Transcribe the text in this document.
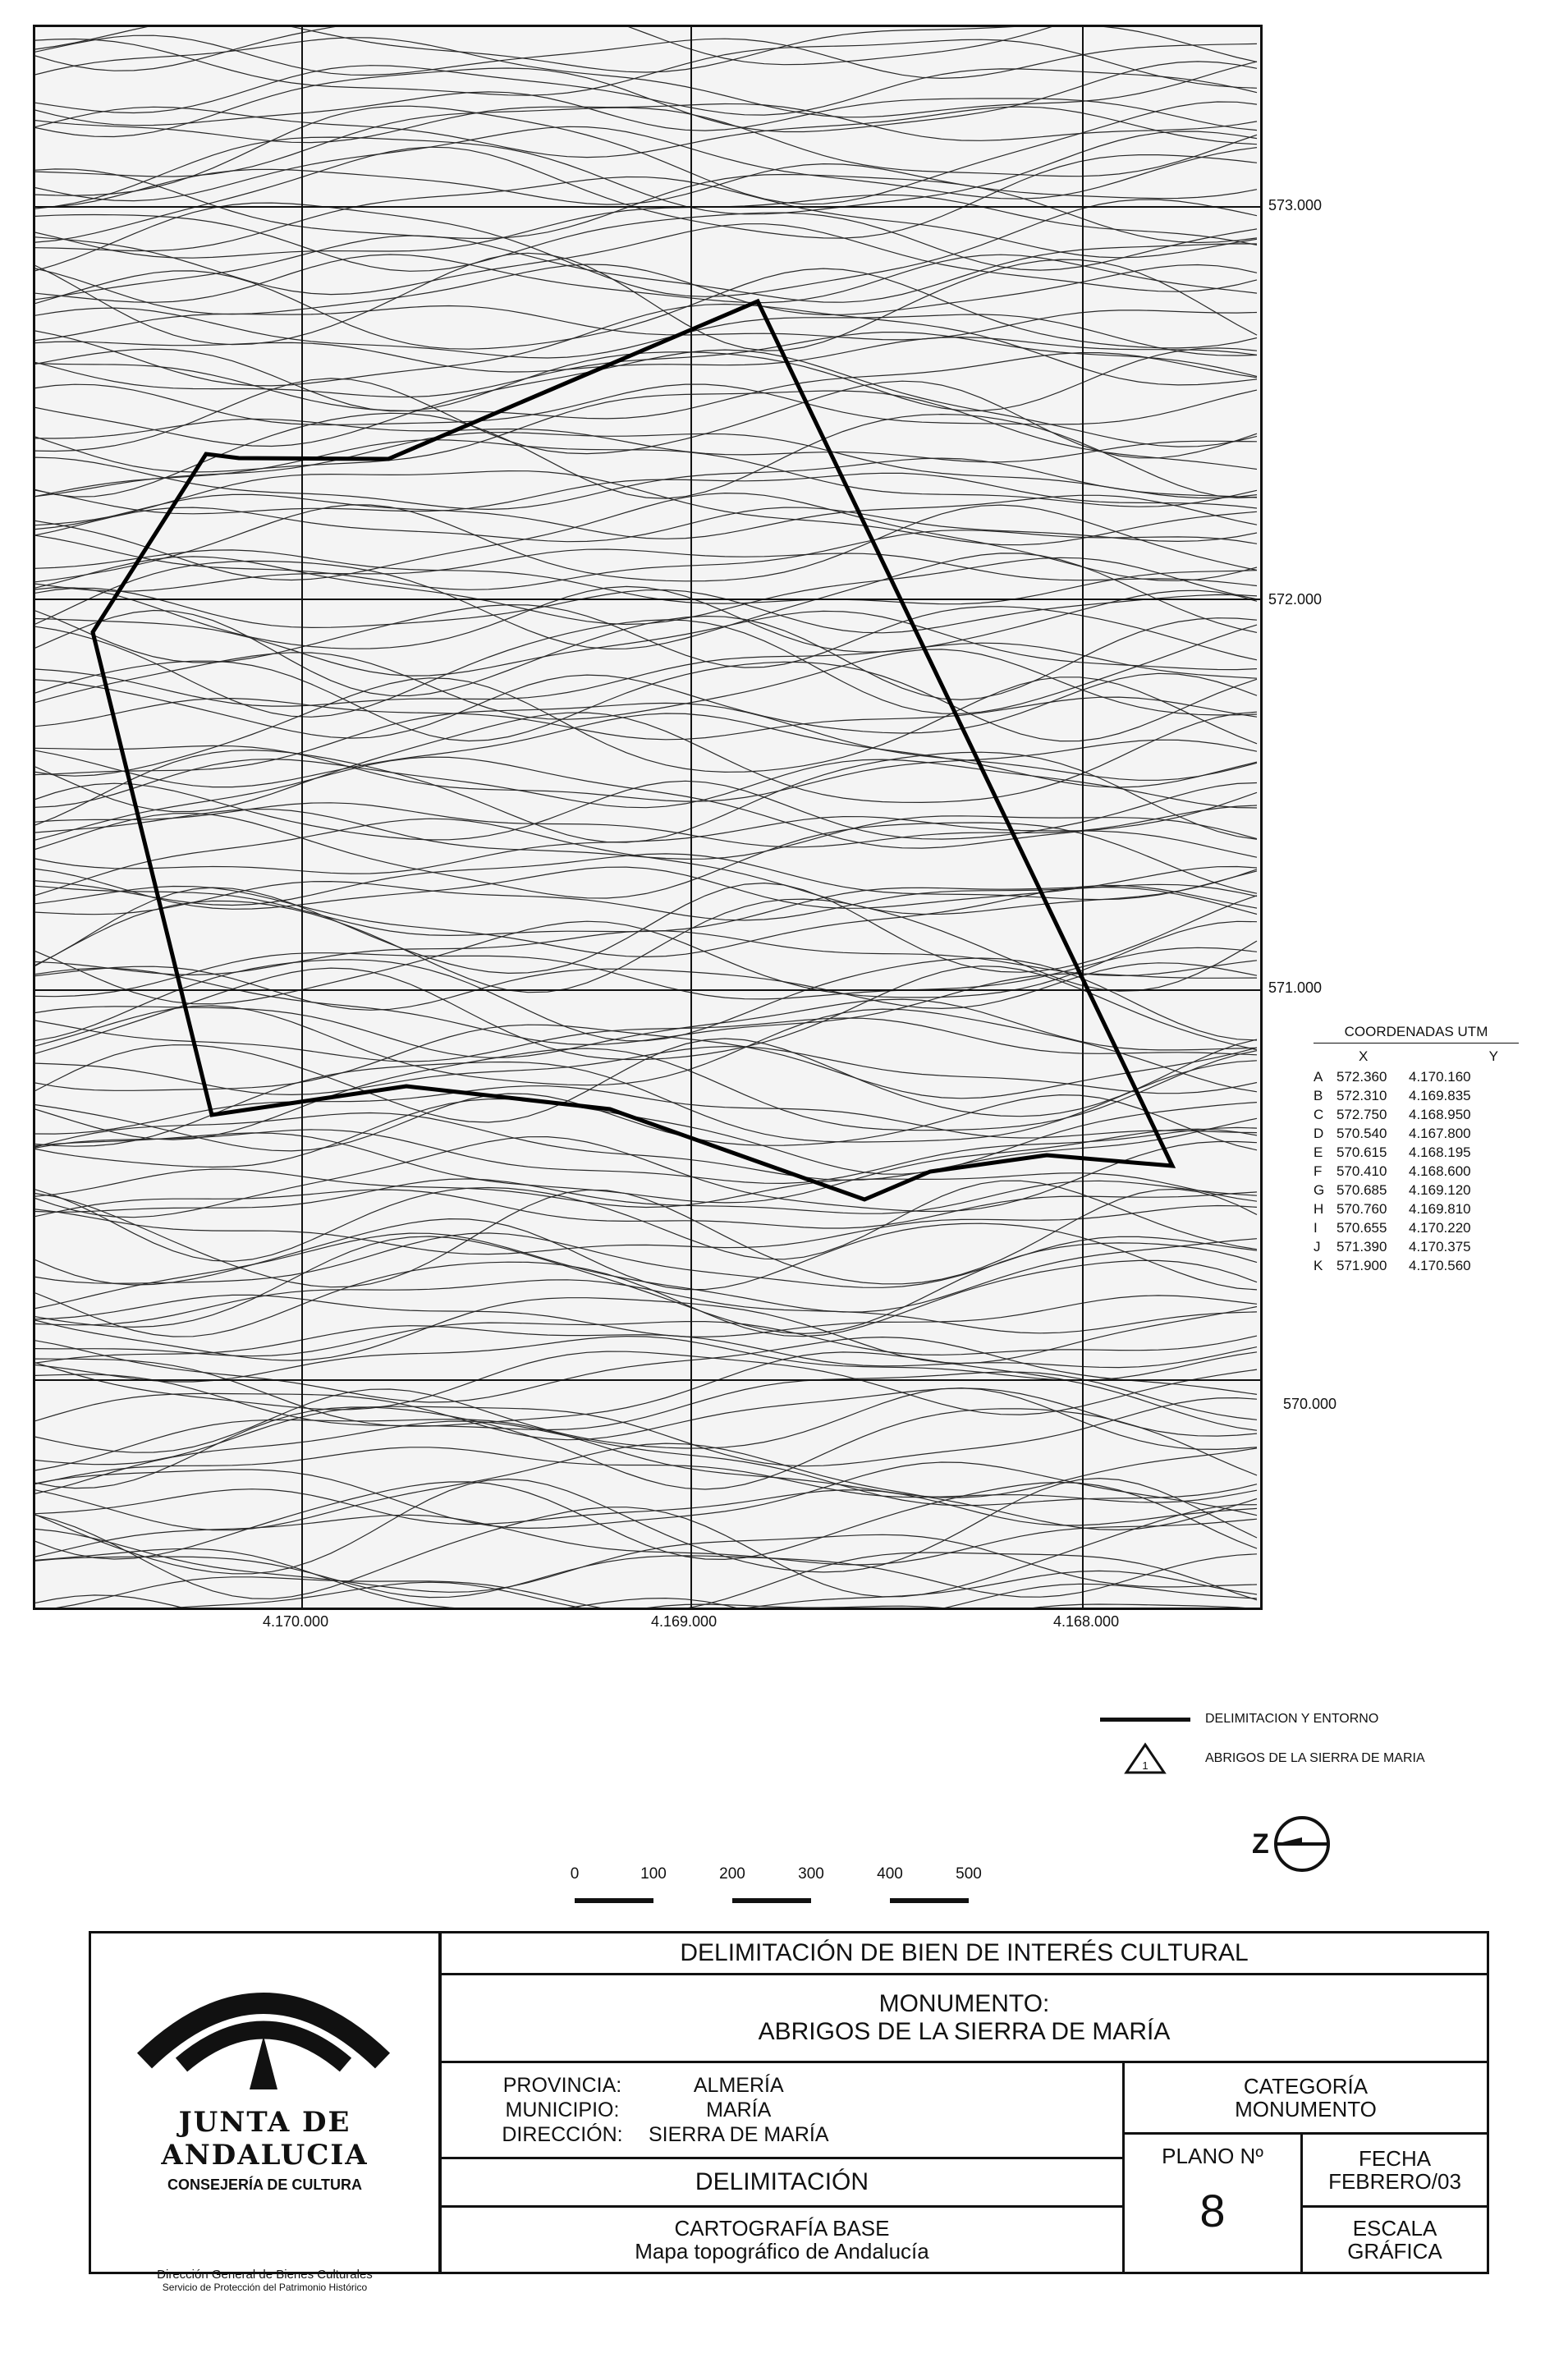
573.000
572.000
571.000
570.000
4.170.000	4.169.000	4.168.000
COORDENADAS UTM
X	Y
A 572.360	4.170.160
B 572.310	4.169.835
C 572.750	4.168.950
D 570.540	4.167.800
E 570.615	4.168.195
F	570.410	4.168.600
G 570.685	4.169.120
H 570.760	4.169.810
I	570.655	4.170.220
J	571.390	4.170.375
K 571.900	4.170.560
DELIMITACION Y ENTORNO
1
ABRIGOS DE LA SIERRA DE MARIA
Z
0	100	200	300	400	500
JUNTA DE ANDALUCIA
CONSEJERÍA DE CULTURA
Dirección General de Bienes Culturales
Servicio de Protección del Patrimonio Histórico
DELIMITACIÓN DE BIEN DE INTERÉS CULTURAL
MONUMENTO:
ABRIGOS DE LA SIERRA DE MARÍA
PROVINCIA:	ALMERÍA
MUNICIPIO:	MARÍA
DIRECCIÓN:	SIERRA DE MARÍA
CATEGORÍA
MONUMENTO
DELIMITACIÓN
CARTOGRAFÍA BASE
Mapa topográfico de Andalucía
PLANO Nº
8
FECHA
FEBRERO/03
ESCALA
GRÁFICA
